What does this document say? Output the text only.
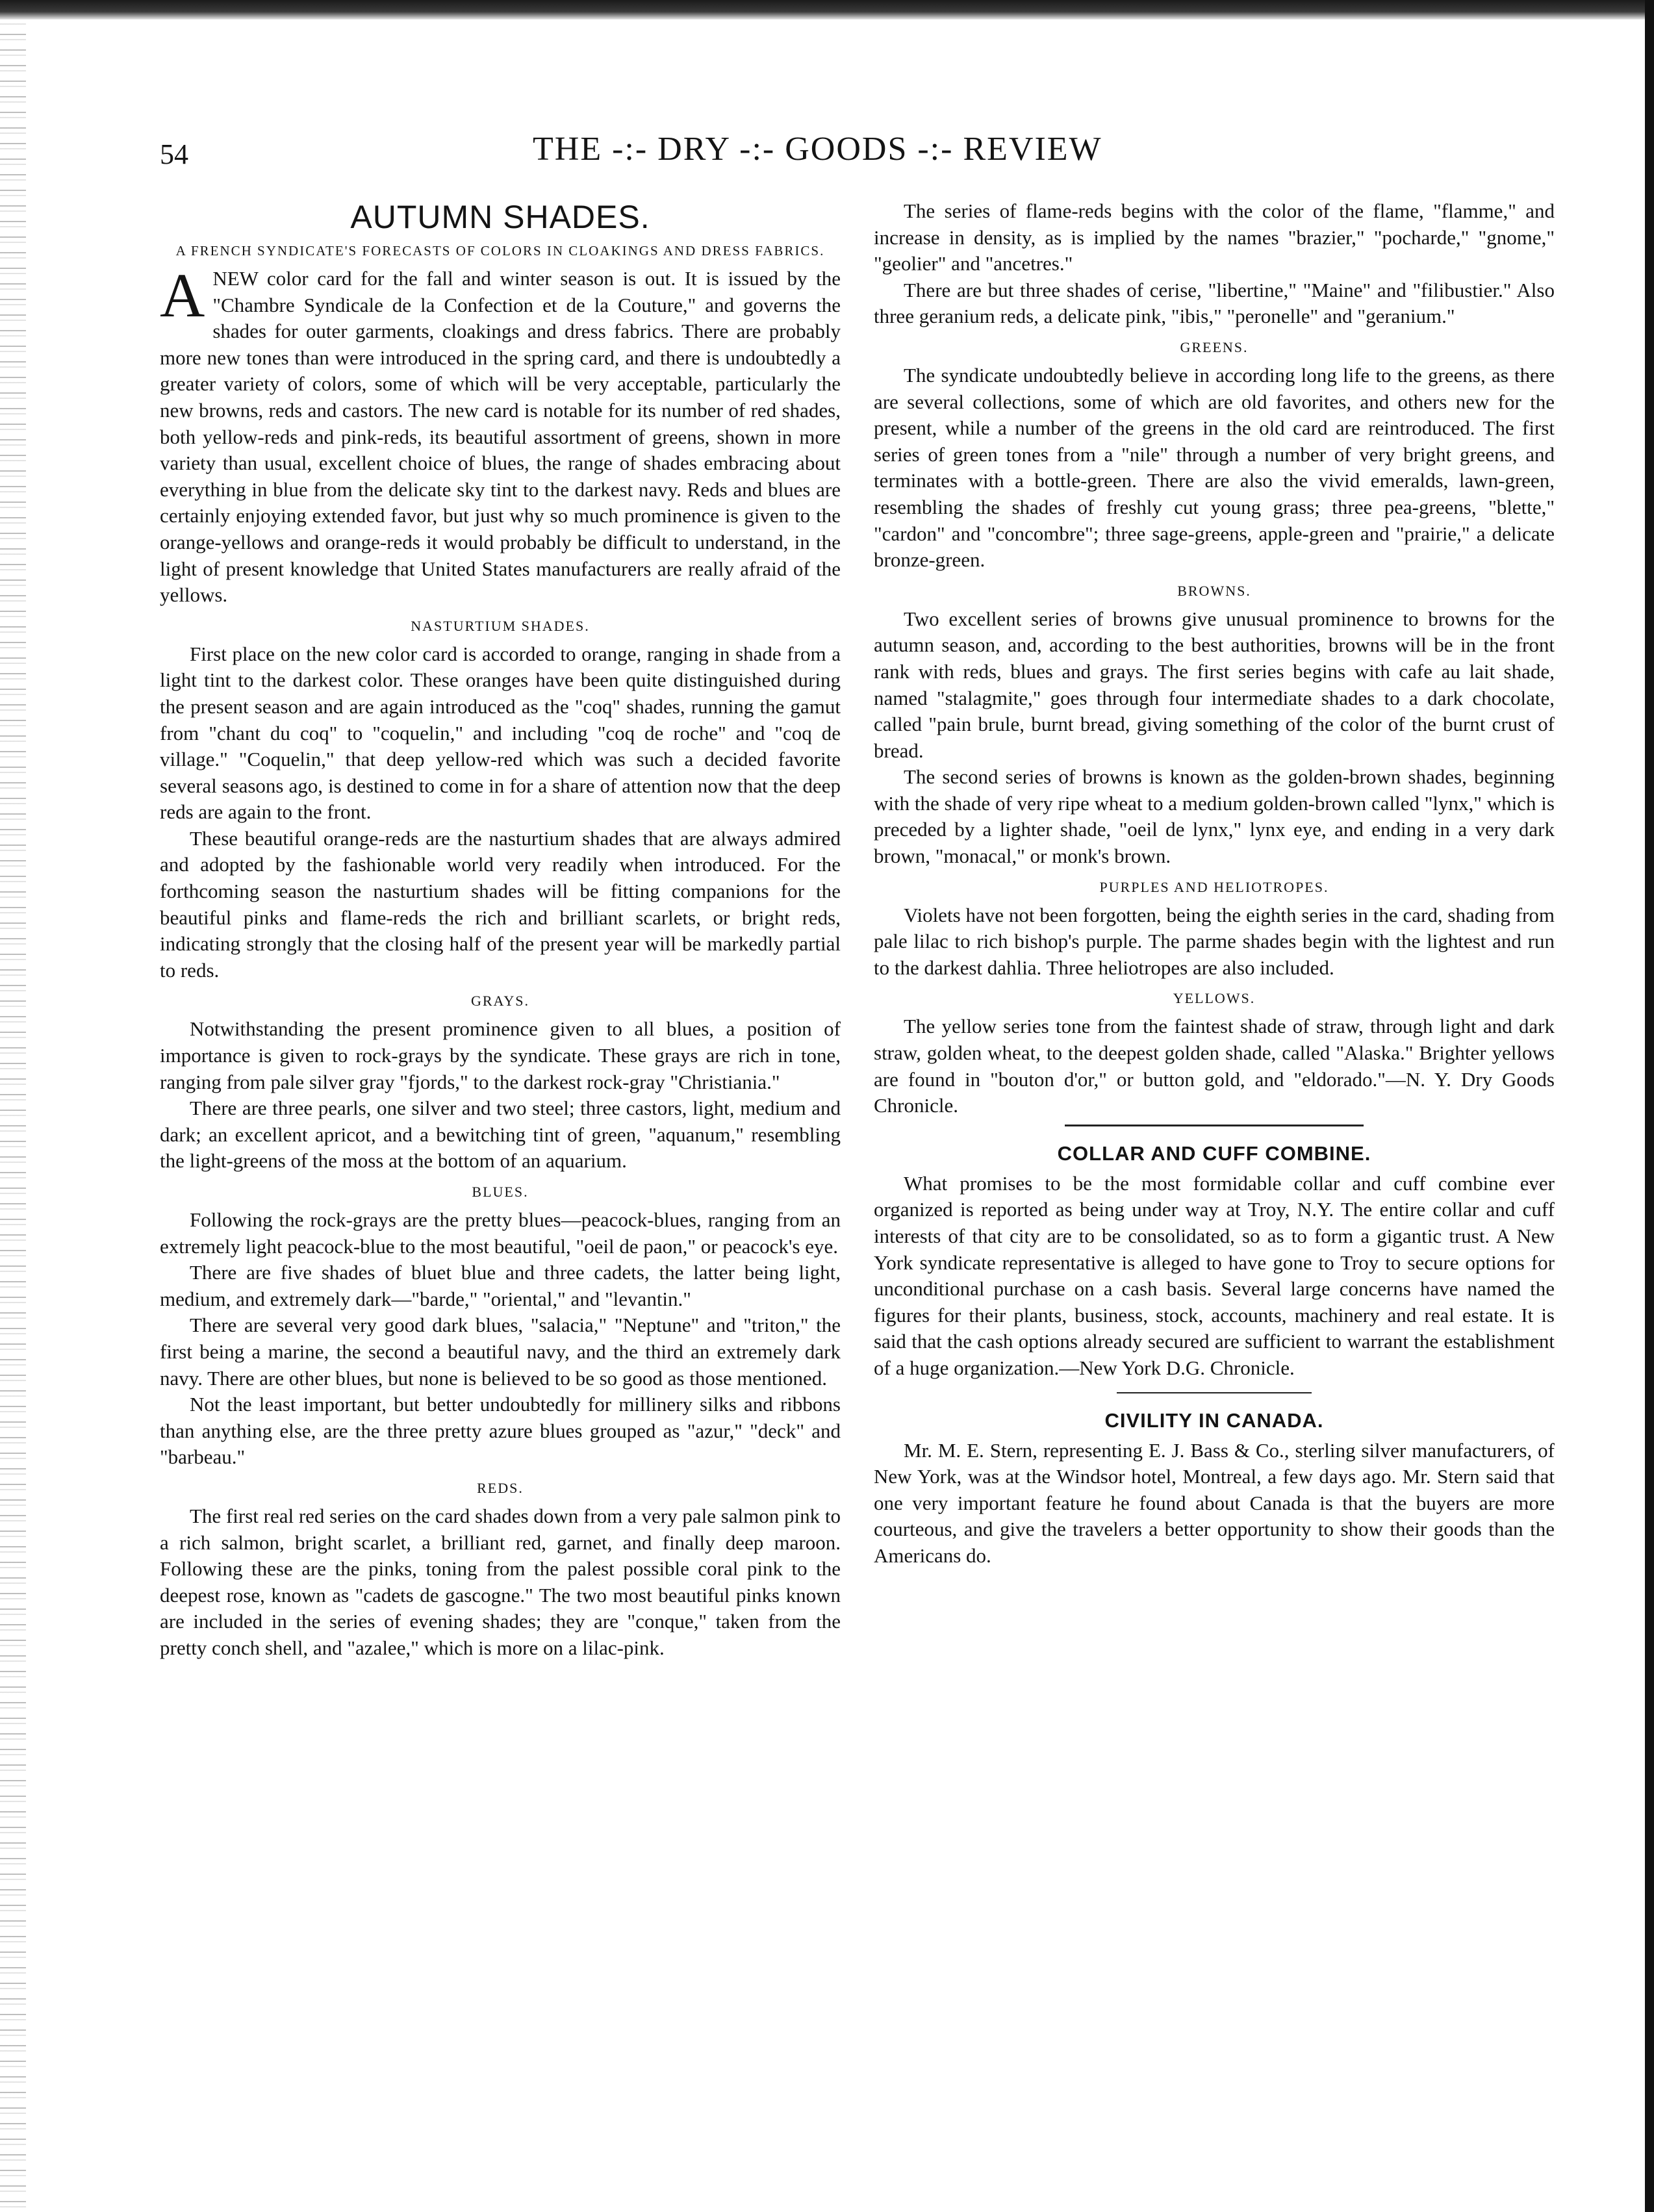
54	THE -:- DRY -:- GOODS -:- REVIEW
AUTUMN SHADES.
A FRENCH SYNDICATE'S FORECASTS OF COLORS IN CLOAKINGS AND DRESS FABRICS.

ANEW color card for the fall and winter season is out. It is issued by the "Chambre Syndicale de la Confection et de la Couture," and governs the shades for outer garments, cloakings and dress fabrics. There are probably more new tones than were introduced in the spring card, and there is undoubtedly a greater variety of colors, some of which will be very acceptable, particularly the new browns, reds and castors. The new card is notable for its number of red shades, both yellow-reds and pink-reds, its beautiful assortment of greens, shown in more variety than usual, excellent choice of blues, the range of shades embracing about everything in blue from the delicate sky tint to the darkest navy. Reds and blues are certainly enjoying extended favor, but just why so much prominence is given to the orange-yellows and orange-reds it would probably be difficult to understand, in the light of present knowledge that United States manufacturers are really afraid of the yellows.

NASTURTIUM SHADES.

First place on the new color card is accorded to orange, ranging in shade from a light tint to the darkest color. These oranges have been quite distinguished during the present season and are again introduced as the "coq" shades, running the gamut from "chant du coq" to "coquelin," and including "coq de roche" and "coq de village." "Coquelin," that deep yellow-red which was such a decided favorite several seasons ago, is destined to come in for a share of attention now that the deep reds are again to the front.

These beautiful orange-reds are the nasturtium shades that are always admired and adopted by the fashionable world very readily when introduced. For the forthcoming season the nasturtium shades will be fitting companions for the beautiful pinks and flame-reds the rich and brilliant scarlets, or bright reds, indicating strongly that the closing half of the present year will be markedly partial to reds.

GRAYS.

Notwithstanding the present prominence given to all blues, a position of importance is given to rock-grays by the syndicate. These grays are rich in tone, ranging from pale silver gray "fjords," to the darkest rock-gray "Christiania."

There are three pearls, one silver and two steel; three castors, light, medium and dark; an excellent apricot, and a bewitching tint of green, "aquanum," resembling the light-greens of the moss at the bottom of an aquarium.

BLUES.

Following the rock-grays are the pretty blues—peacock-blues, ranging from an extremely light peacock-blue to the most beautiful, "oeil de paon," or peacock's eye.

There are five shades of bluet blue and three cadets, the latter being light, medium, and extremely dark—"barde," "oriental," and "levantin."

There are several very good dark blues, "salacia," "Neptune" and "triton," the first being a marine, the second a beautiful navy, and the third an extremely dark navy. There are other blues, but none is believed to be so good as those mentioned.

Not the least important, but better undoubtedly for millinery silks and ribbons than anything else, are the three pretty azure blues grouped as "azur," "deck" and "barbeau."

REDS.

The first real red series on the card shades down from a very pale salmon pink to a rich salmon, bright scarlet, a brilliant red, garnet, and finally deep maroon. Following these are the pinks, toning from the palest possible coral pink to the deepest rose, known as "cadets de gascogne." The two most beautiful pinks known are included in the series of evening shades; they are "conque," taken from the pretty conch shell, and "azalee," which is more on a lilac-pink.

The series of flame-reds begins with the color of the flame, "flamme," and increase in density, as is implied by the names "brazier," "pocharde," "gnome," "geolier" and "ancetres."

There are but three shades of cerise, "libertine," "Maine" and "filibustier." Also three geranium reds, a delicate pink, "ibis," "peronelle" and "geranium."

GREENS.

The syndicate undoubtedly believe in according long life to the greens, as there are several collections, some of which are old favorites, and others new for the present, while a number of the greens in the old card are reintroduced. The first series of green tones from a "nile" through a number of very bright greens, and terminates with a bottle-green. There are also the vivid emeralds, lawn-green, resembling the shades of freshly cut young grass; three pea-greens, "blette," "cardon" and "concombre"; three sage-greens, apple-green and "prairie," a delicate bronze-green.

BROWNS.

Two excellent series of browns give unusual prominence to browns for the autumn season, and, according to the best authorities, browns will be in the front rank with reds, blues and grays. The first series begins with cafe au lait shade, named "stalagmite," goes through four intermediate shades to a dark chocolate, called "pain brule, burnt bread, giving something of the color of the burnt crust of bread.

The second series of browns is known as the golden-brown shades, beginning with the shade of very ripe wheat to a medium golden-brown called "lynx," which is preceded by a lighter shade, "oeil de lynx," lynx eye, and ending in a very dark brown, "monacal," or monk's brown.

PURPLES AND HELIOTROPES.

Violets have not been forgotten, being the eighth series in the card, shading from pale lilac to rich bishop's purple. The parme shades begin with the lightest and run to the darkest dahlia. Three heliotropes are also included.

YELLOWS.

The yellow series tone from the faintest shade of straw, through light and dark straw, golden wheat, to the deepest golden shade, called "Alaska." Brighter yellows are found in "bouton d'or," or button gold, and "eldorado."—N. Y. Dry Goods Chronicle.

COLLAR AND CUFF COMBINE.

What promises to be the most formidable collar and cuff combine ever organized is reported as being under way at Troy, N.Y. The entire collar and cuff interests of that city are to be consolidated, so as to form a gigantic trust. A New York syndicate representative is alleged to have gone to Troy to secure options for unconditional purchase on a cash basis. Several large concerns have named the figures for their plants, business, stock, accounts, machinery and real estate. It is said that the cash options already secured are sufficient to warrant the establishment of a huge organization.—New York D.G. Chronicle.

CIVILITY IN CANADA.

Mr. M. E. Stern, representing E. J. Bass & Co., sterling silver manufacturers, of New York, was at the Windsor hotel, Montreal, a few days ago. Mr. Stern said that one very important feature he found about Canada is that the buyers are more courteous, and give the travelers a better opportunity to show their goods than the Americans do.
